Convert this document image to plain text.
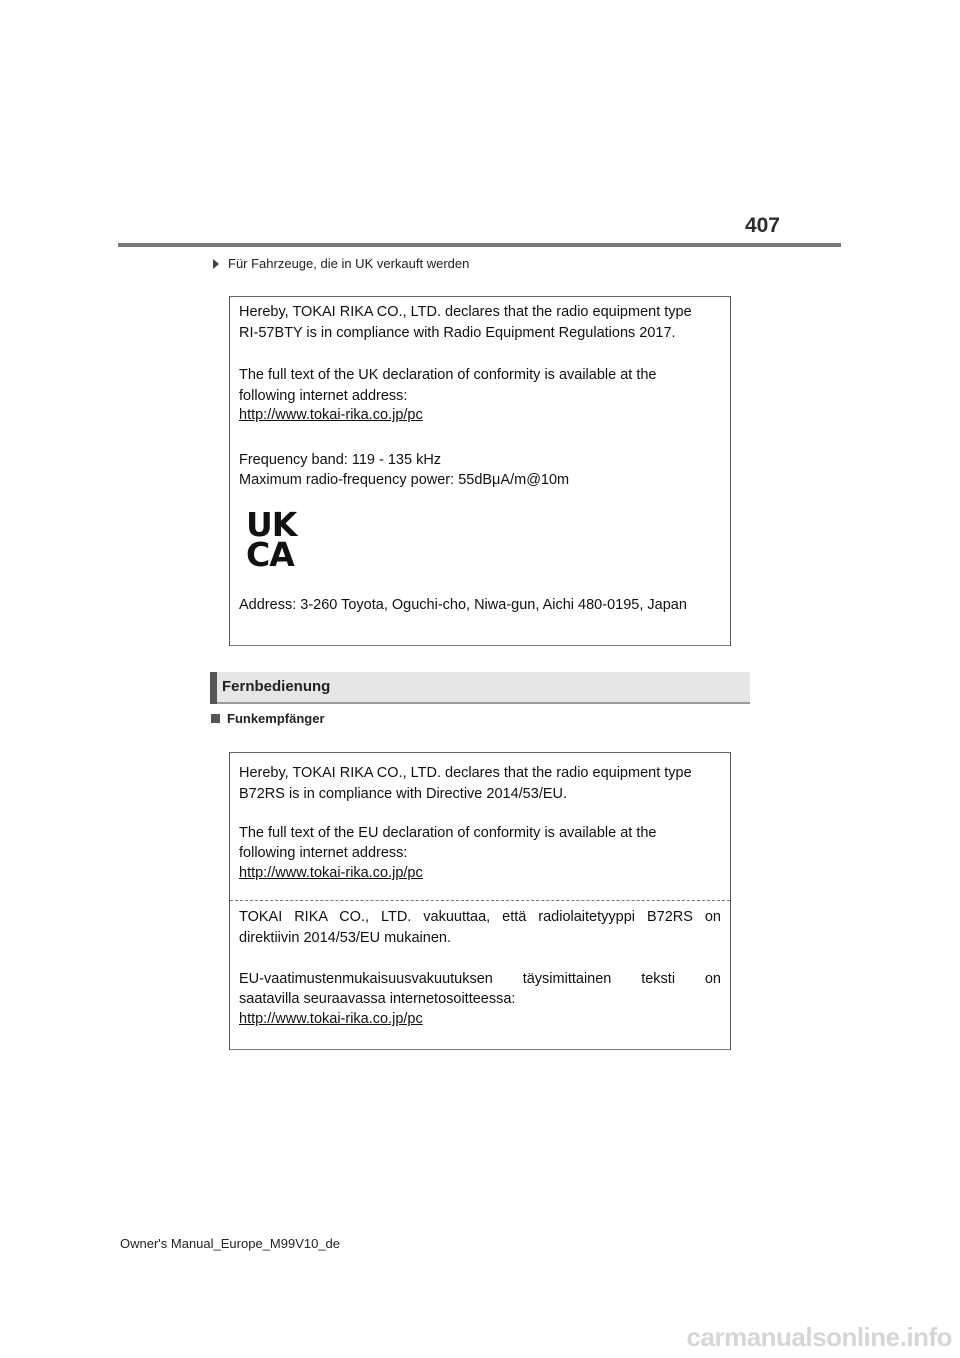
407
Für Fahrzeuge, die in UK verkauft werden
Hereby, TOKAI RIKA CO., LTD. declares that the radio equipment type
RI-57BTY is in compliance with Radio Equipment Regulations 2017.
The full text of the UK declaration of conformity is available at the
following internet address:
http://www.tokai-rika.co.jp/pc
Frequency band: 119 - 135 kHz
Maximum radio-frequency power: 55dBμA/m@10m
UK
CA
Address: 3-260 Toyota, Oguchi-cho, Niwa-gun, Aichi 480-0195, Japan
Fernbedienung
Funkempfänger
Hereby, TOKAI RIKA CO., LTD. declares that the radio equipment type
B72RS is in compliance with Directive 2014/53/EU.
The full text of the EU declaration of conformity is available at the
following internet address:
http://www.tokai-rika.co.jp/pc
TOKAI RIKA CO., LTD. vakuuttaa, että radiolaitetyyppi B72RS on
direktiivin 2014/53/EU mukainen.
EU-vaatimustenmukaisuusvakuutuksen täysimittainen teksti on
saatavilla seuraavassa internetosoitteessa:
http://www.tokai-rika.co.jp/pc
Owner's Manual_Europe_M99V10_de
carmanualsonline.info
